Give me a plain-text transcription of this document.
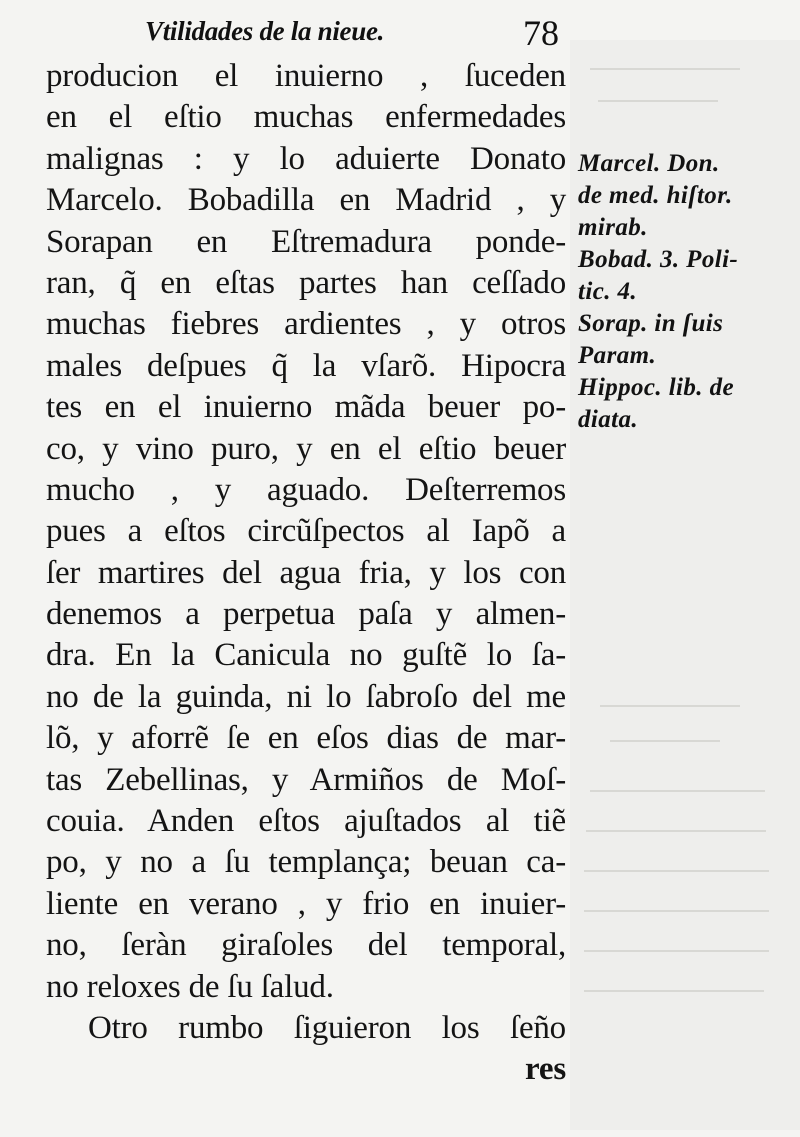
Vtilidades de la nieue.	78
producion el inuierno , ſuceden
en el eſtio muchas enfermedades
malignas : y lo aduierte Donato
Marcelo. Bobadilla en Madrid , y
Sorapan en Eſtremadura ponde-
ran, q̃ en eſtas partes han ceſſado
muchas fiebres ardientes , y otros
males deſpues q̃ la vſarõ. Hipocra
tes en el inuierno mãda beuer po-
co, y vino puro, y en el eſtio beuer
mucho , y aguado. Deſterremos
pues a eſtos circũſpectos al Iapõ a
ſer martires del agua fria, y los con
denemos a perpetua paſa y almen-
dra. En la Canicula no guſtẽ lo ſa-
no de la guinda, ni lo ſabroſo del me
lõ, y aforrẽ ſe en eſos dias de mar-
tas Zebellinas, y Armiños de Moſ-
couia. Anden eſtos ajuſtados al tiẽ
po, y no a ſu templança; beuan ca-
liente en verano , y frio en inuier-
no, ſeràn giraſoles del temporal,
no reloxes de ſu ſalud.
Otro rumbo ſiguieron los ſeño
res
Marcel. Don.
de med. hiſtor.
mirab.
Bobad. 3. Poli-
tic. 4.
Sorap. in ſuis
Param.
Hippoc. lib. de
diata.
